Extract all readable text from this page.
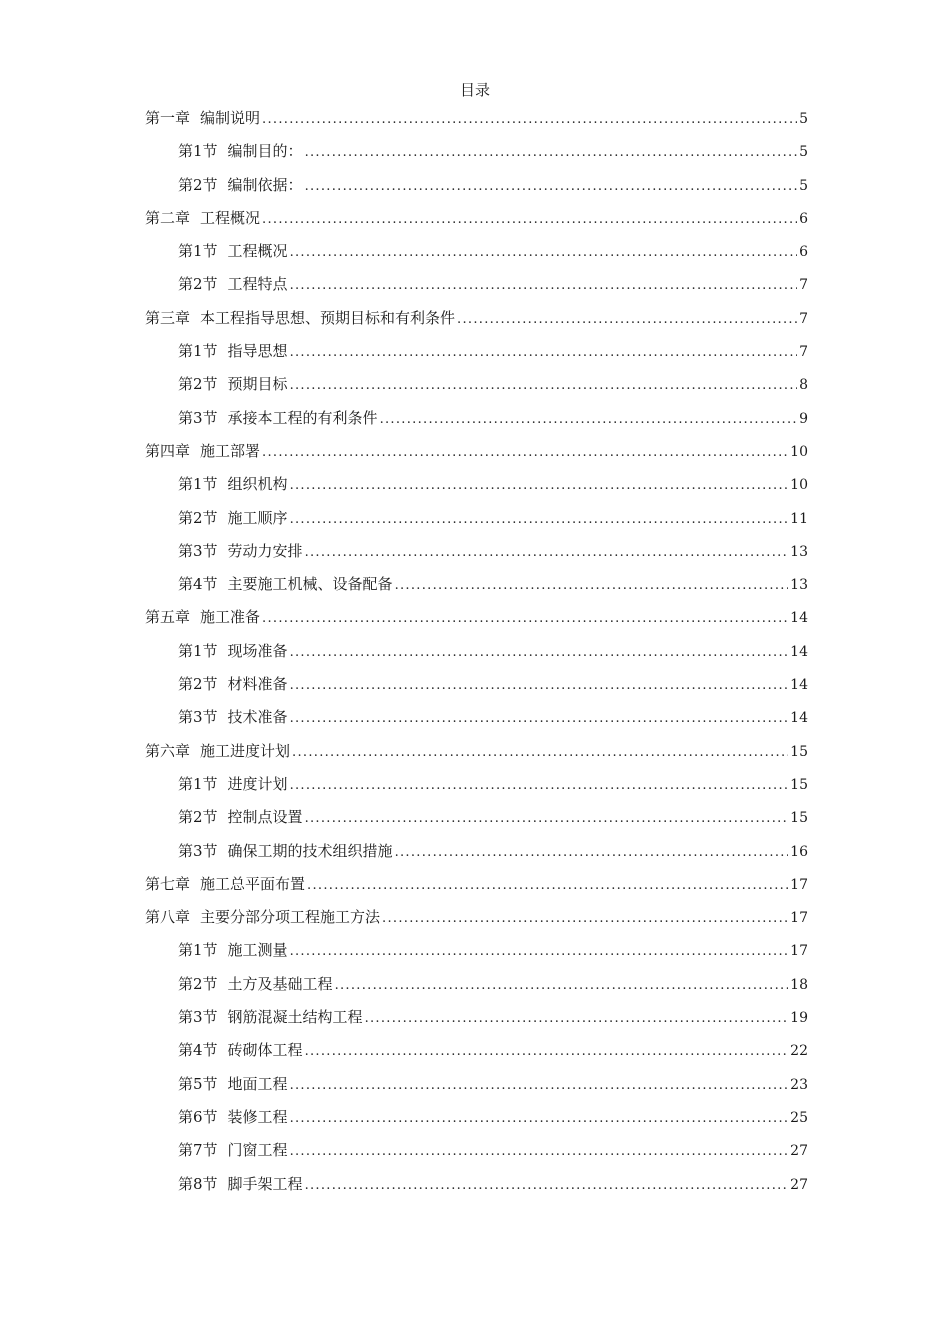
目录
第一章 编制说明 .....	5
第1节 编制目的： .....	5
第2节 编制依据： .....	5
第二章 工程概况 .....	6
第1节 工程概况 .....	6
第2节 工程特点 .....	7
第三章 本工程指导思想、预期目标和有利条件 .....	7
第1节 指导思想 .....	7
第2节 预期目标 .....	8
第3节 承接本工程的有利条件 .....	9
第四章 施工部署 .....	10
第1节 组织机构 .....	10
第2节 施工顺序 .....	11
第3节 劳动力安排 .....	13
第4节 主要施工机械、设备配备 .....	13
第五章 施工准备 .....	14
第1节 现场准备 .....	14
第2节 材料准备 .....	14
第3节 技术准备 .....	14
第六章 施工进度计划 .....	15
第1节 进度计划 .....	15
第2节 控制点设置 .....	15
第3节 确保工期的技术组织措施 .....	16
第七章 施工总平面布置 .....	17
第八章 主要分部分项工程施工方法 .....	17
第1节 施工测量 .....	17
第2节 土方及基础工程 .....	18
第3节 钢筋混凝土结构工程 .....	19
第4节 砖砌体工程 .....	22
第5节 地面工程 .....	23
第6节 装修工程 .....	25
第7节 门窗工程 .....	27
第8节 脚手架工程 .....	27
